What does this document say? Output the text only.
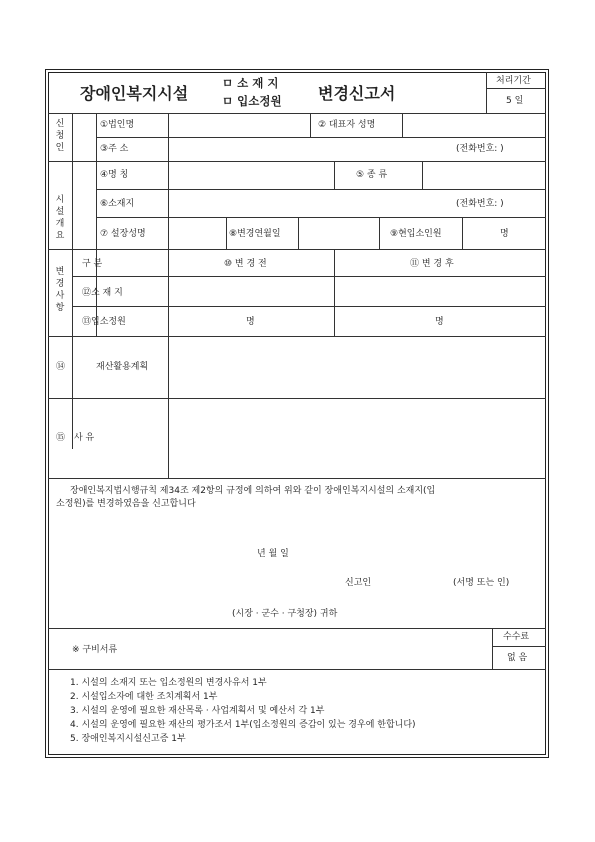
장애인복지시설
ㅁ 소 재 지
ㅁ 입소정원 변경신고서
처리기간
5 일
신청인
①법인명	② 대표자 성명
③주 소	(전화번호: )
시 설 개 요
④명 칭	⑤ 종 류
⑥소재지	(전화번호: )
⑦ 설장성명	⑧변경연월일	⑨현입소인원	명
변경사항
구 분	⑩ 변 경 전	⑪ 변 경 후
⑫소 재 지
⑬입소정원	명	명
⑭	재산활용계획
⑮ 사 유
장애인복지법시행규칙 제34조 제2항의 규정에 의하여 위와 같이 장애인복지시설의 소재지(입
소정원)를 변경하였음을 신고합니다
년 월 일
신고인	(서명 또는 인)
(시장 · 군수 · 구청장) 귀하
※ 구비서류
수수료
없 음
1. 시설의 소재지 또는 입소정원의 변경사유서 1부
2. 시설입소자에 대한 조치계획서 1부
3. 시설의 운영에 필요한 재산목록 · 사업계획서 및 예산서 각 1부
4. 시설의 운영에 필요한 재산의 평가조서 1부(입소정원의 증감이 있는 경우에 한합니다)
5. 장애인복지시설신고증 1부
